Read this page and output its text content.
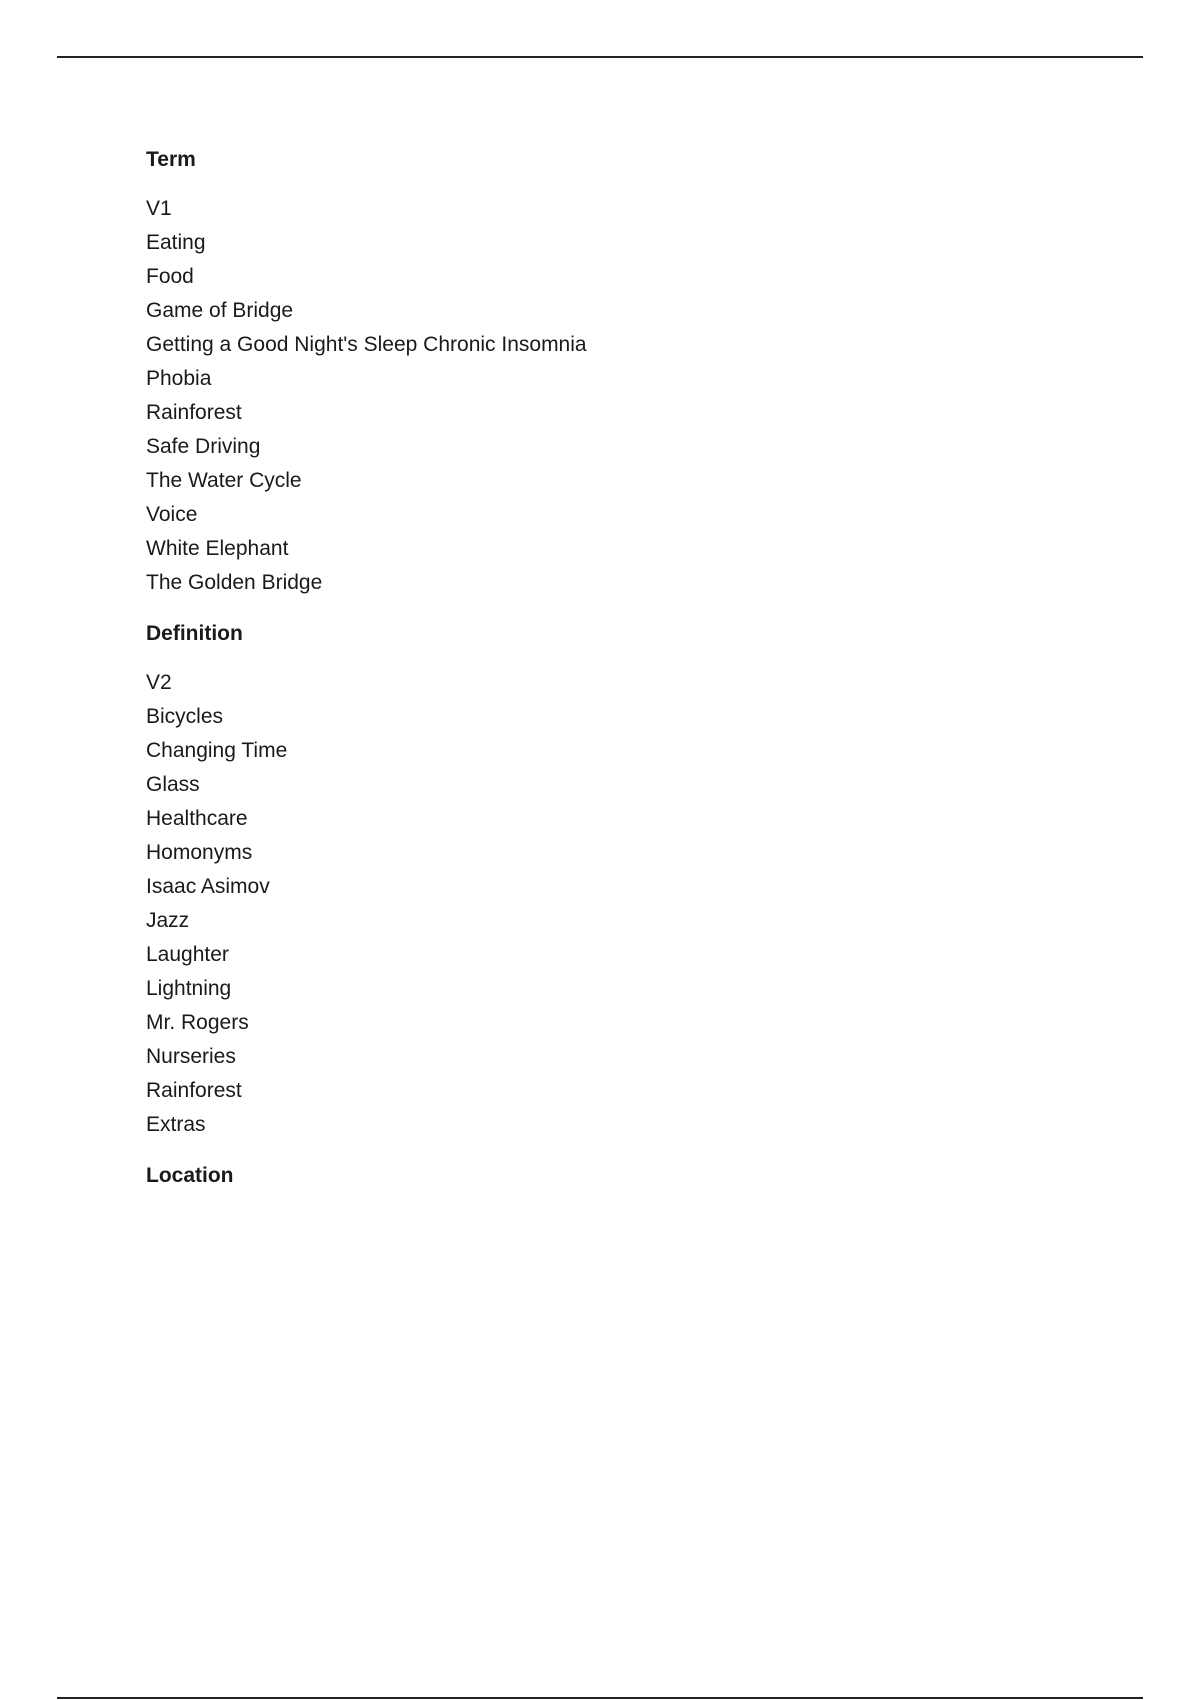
Term
V1
Eating
Food
Game of Bridge
Getting a Good Night's Sleep Chronic Insomnia
Phobia
Rainforest
Safe Driving
The Water Cycle
Voice
White Elephant
The Golden Bridge
Definition
V2
Bicycles
Changing Time
Glass
Healthcare
Homonyms
Isaac Asimov
Jazz
Laughter
Lightning
Mr. Rogers
Nurseries
Rainforest
Extras
Location
